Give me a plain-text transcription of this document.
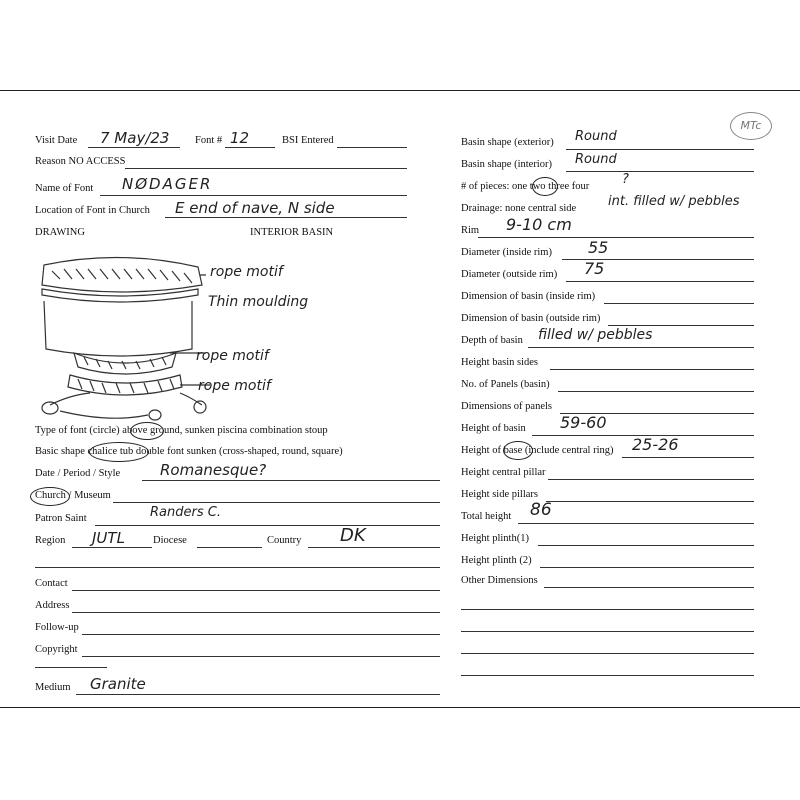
MTc
Visit Date 7 May/23 Font # 12	BSI Entered
Reason NO ACCESS
Name of Font NØDAGER
Location of Font in Church E end of nave, N side
DRAWING	INTERIOR BASIN
rope motif
Thin moulding
rope motif
rope motif
Type of font (circle) above ground, sunken piscina combination stoup
Basic shape chalice tub double font sunken (cross-shaped, round, square)
Date / Period / Style	Romanesque?
Church / Museum
Patron Saint	Randers C.
Region JUTL	Diocese	Country DK
Contact
Address
Follow-up
Copyright
Medium Granite
Basin shape (exterior) Round
Basin shape (interior) Round
# of pieces: one two three four	?
Drainage: none central side int. filled w/ pebbles
Rim 9-10 cm
Diameter (inside rim) 55
Diameter (outside rim) 75
Dimension of basin (inside rim)
Dimension of basin (outside rim)
Depth of basin filled w/ pebbles
Height basin sides
No. of Panels (basin)
Dimensions of panels
Height of basin 59-60
Height of base (include central ring) 25-26
Height central pillar
Height side pillars
Total height 86
Height plinth(1)
Height plinth (2)
Other Dimensions
